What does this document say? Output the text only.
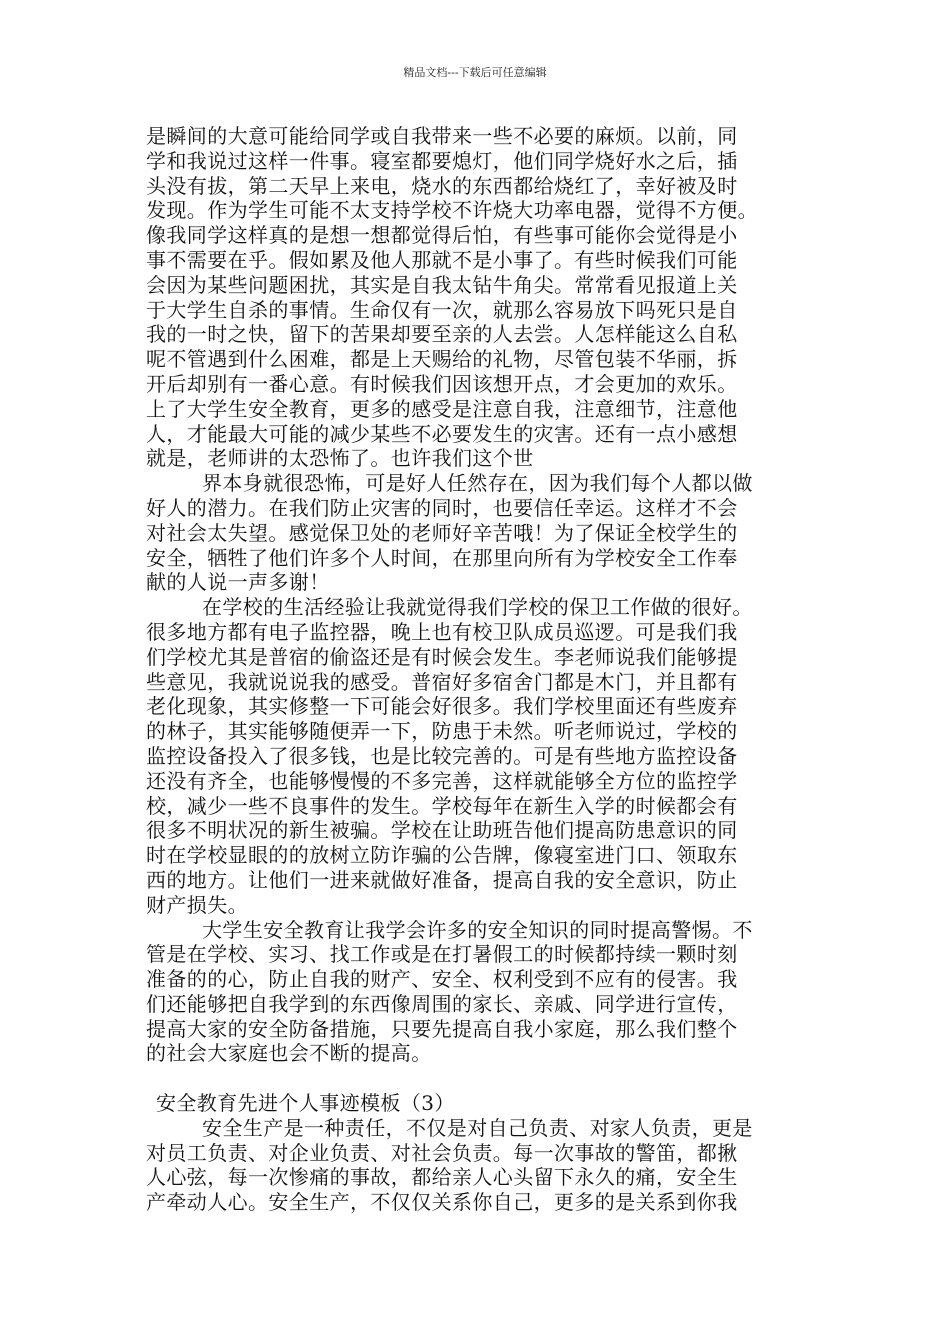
精品文档---下载后可任意编辑
是瞬间的大意可能给同学或自我带来一些不必要的麻烦。以前，同
学和我说过这样一件事。寝室都要熄灯，他们同学烧好水之后，插
头没有拔，第二天早上来电，烧水的东西都给烧红了，幸好被及时
发现。作为学生可能不太支持学校不许烧大功率电器，觉得不方便。
像我同学这样真的是想一想都觉得后怕，有些事可能你会觉得是小
事不需要在乎。假如累及他人那就不是小事了。有些时候我们可能
会因为某些问题困扰，其实是自我太钻牛角尖。常常看见报道上关
于大学生自杀的事情。生命仅有一次，就那么容易放下吗死只是自
我的一时之快，留下的苦果却要至亲的人去尝。人怎样能这么自私
呢不管遇到什么困难，都是上天赐给的礼物，尽管包装不华丽，拆
开后却别有一番心意。有时候我们因该想开点，才会更加的欢乐。
上了大学生安全教育，更多的感受是注意自我，注意细节，注意他
人，才能最大可能的减少某些不必要发生的灾害。还有一点小感想
就是，老师讲的太恐怖了。也许我们这个世
界本身就很恐怖，可是好人任然存在，因为我们每个人都以做
好人的潜力。在我们防止灾害的同时，也要信任幸运。这样才不会
对社会太失望。感觉保卫处的老师好辛苦哦！为了保证全校学生的
安全，牺牲了他们许多个人时间，在那里向所有为学校安全工作奉
献的人说一声多谢！
在学校的生活经验让我就觉得我们学校的保卫工作做的很好。
很多地方都有电子监控器，晚上也有校卫队成员巡逻。可是我们我
们学校尤其是普宿的偷盗还是有时候会发生。李老师说我们能够提
些意见，我就说说我的感受。普宿好多宿舍门都是木门，并且都有
老化现象，其实修整一下可能会好很多。我们学校里面还有些废弃
的林子，其实能够随便弄一下，防患于未然。听老师说过，学校的
监控设备投入了很多钱，也是比较完善的。可是有些地方监控设备
还没有齐全，也能够慢慢的不多完善，这样就能够全方位的监控学
校，减少一些不良事件的发生。学校每年在新生入学的时候都会有
很多不明状况的新生被骗。学校在让助班告他们提高防患意识的同
时在学校显眼的的放树立防诈骗的公告牌，像寝室进门口、领取东
西的地方。让他们一进来就做好准备，提高自我的安全意识，防止
财产损失。
大学生安全教育让我学会许多的安全知识的同时提高警惕。不
管是在学校、实习、找工作或是在打暑假工的时候都持续一颗时刻
准备的的心，防止自我的财产、安全、权利受到不应有的侵害。我
们还能够把自我学到的东西像周围的家长、亲戚、同学进行宣传，
提高大家的安全防备措施，只要先提高自我小家庭，那么我们整个
的社会大家庭也会不断的提高。
安全教育先进个人事迹模板（3）
安全生产是一种责任，不仅是对自己负责、对家人负责，更是
对员工负责、对企业负责、对社会负责。每一次事故的警笛，都揪
人心弦，每一次惨痛的事故，都给亲人心头留下永久的痛，安全生
产牵动人心。安全生产，不仅仅关系你自己，更多的是关系到你我
